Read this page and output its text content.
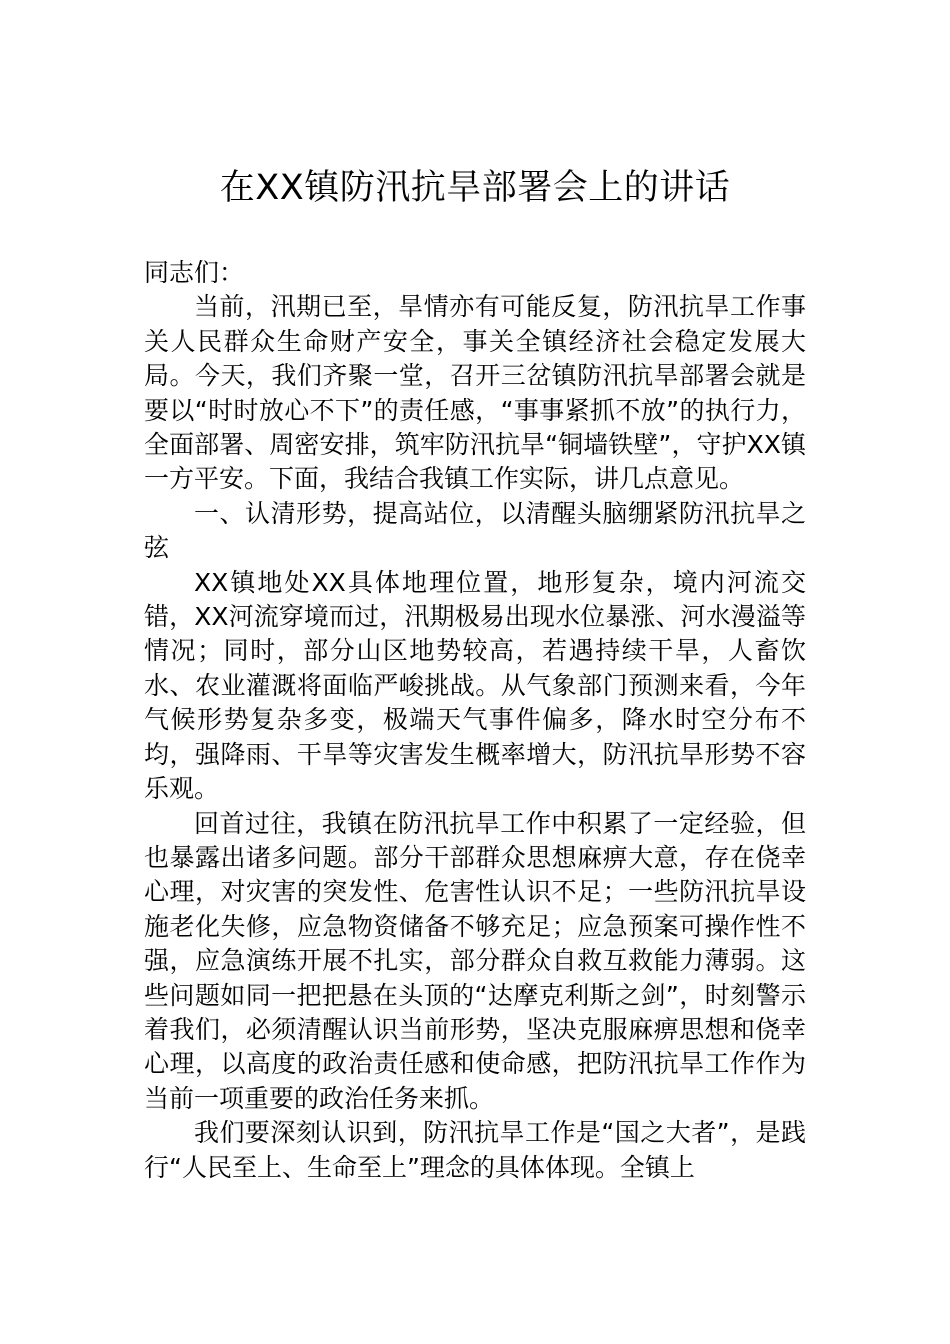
在XX镇防汛抗旱部署会上的讲话

同志们：

当前，汛期已至，旱情亦有可能反复，防汛抗旱工作事关人民群众生命财产安全，事关全镇经济社会稳定发展大局。今天，我们齐聚一堂，召开三岔镇防汛抗旱部署会就是要以“时时放心不下”的责任感，“事事紧抓不放”的执行力，全面部署、周密安排，筑牢防汛抗旱“铜墙铁壁”，守护XX镇一方平安。下面，我结合我镇工作实际，讲几点意见。

一、认清形势，提高站位，以清醒头脑绷紧防汛抗旱之弦

XX镇地处XX具体地理位置，地形复杂，境内河流交错，XX河流穿境而过，汛期极易出现水位暴涨、河水漫溢等情况；同时，部分山区地势较高，若遇持续干旱，人畜饮水、农业灌溉将面临严峻挑战。从气象部门预测来看，今年气候形势复杂多变，极端天气事件偏多，降水时空分布不均，强降雨、干旱等灾害发生概率增大，防汛抗旱形势不容乐观。

回首过往，我镇在防汛抗旱工作中积累了一定经验，但也暴露出诸多问题。部分干部群众思想麻痹大意，存在侥幸心理，对灾害的突发性、危害性认识不足；一些防汛抗旱设施老化失修，应急物资储备不够充足；应急预案可操作性不强，应急演练开展不扎实，部分群众自救互救能力薄弱。这些问题如同一把把悬在头顶的“达摩克利斯之剑”，时刻警示着我们，必须清醒认识当前形势，坚决克服麻痹思想和侥幸心理，以高度的政治责任感和使命感，把防汛抗旱工作作为当前一项重要的政治任务来抓。

我们要深刻认识到，防汛抗旱工作是“国之大者”，是践行“人民至上、生命至上”理念的具体体现。全镇上
